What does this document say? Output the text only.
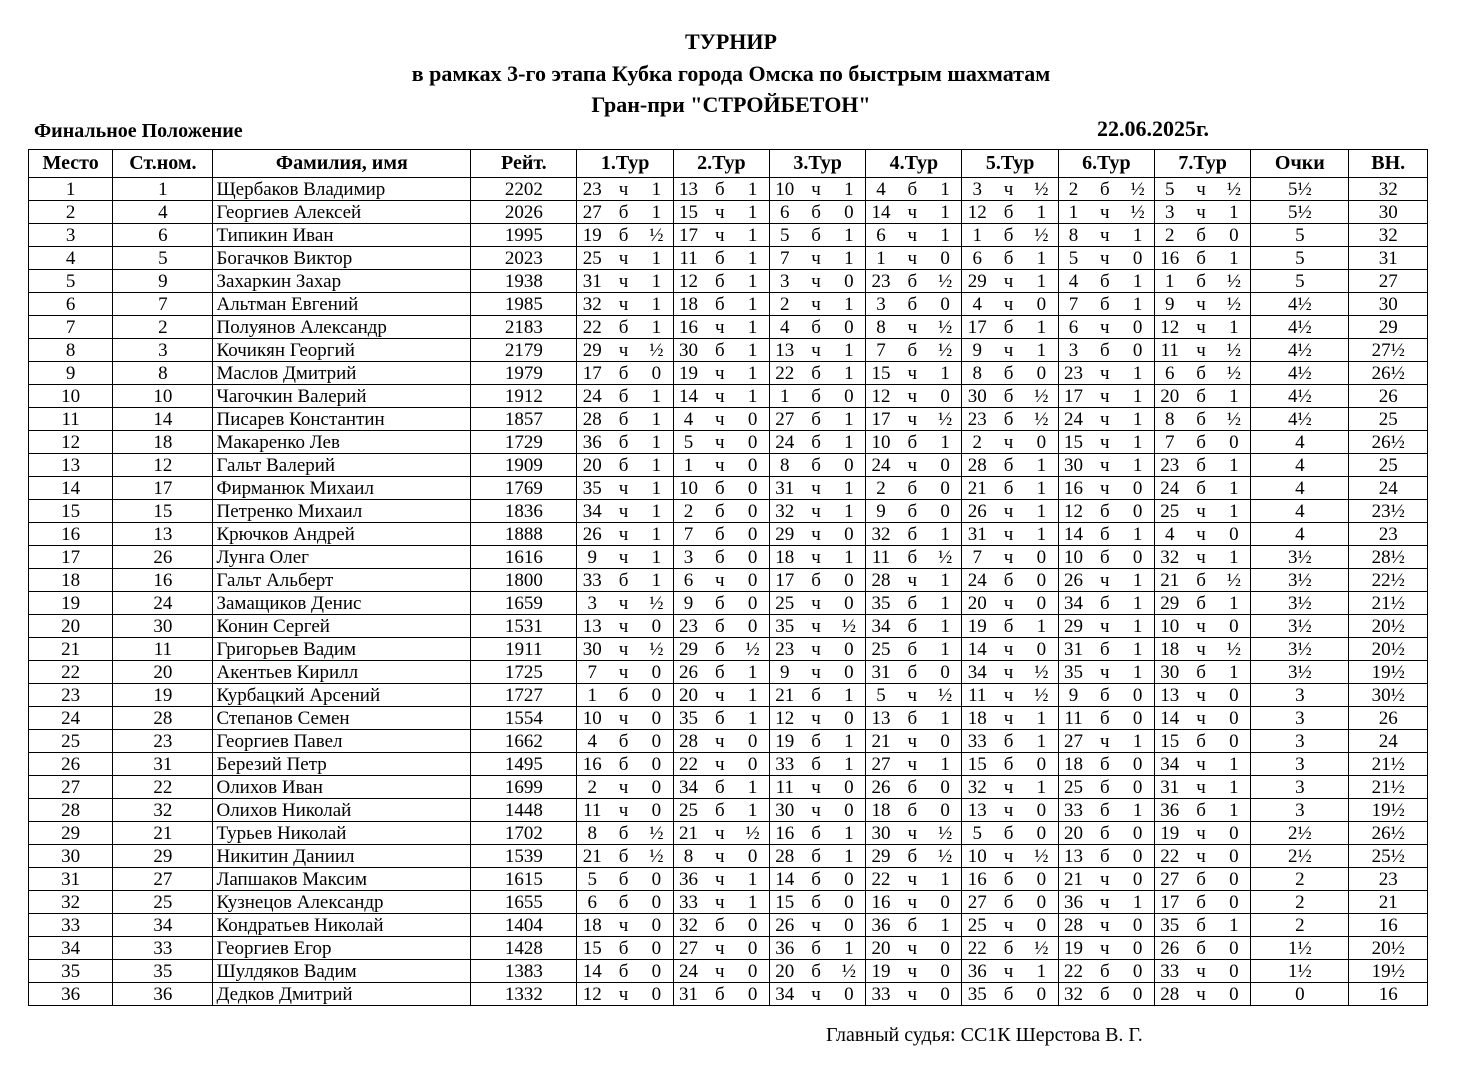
ТУРНИР
в рамках 3-го этапа Кубка города Омска по быстрым шахматам
Гран-при "СТРОЙБЕТОН"
Финальное Положение	22.06.2025г.
Место	Ст.ном.	Фамилия, имя	Рейт.	1.Тур			2.Тур			3.Тур			4.Тур			5.Тур			6.Тур			7.Тур			Очки	ВН.
1	1	Щербаков Владимир	2202	23	ч	1	13	б	1	10	ч	1	4	б	1	3	ч	½	2	б	½	5	ч	½	5½	32
2	4	Георгиев Алексей	2026	27	б	1	15	ч	1	6	б	0	14	ч	1	12	б	1	1	ч	½	3	ч	1	5½	30
3	6	Типикин Иван	1995	19	б	½	17	ч	1	5	б	1	6	ч	1	1	б	½	8	ч	1	2	б	0	5	32
4	5	Богачков Виктор	2023	25	ч	1	11	б	1	7	ч	1	1	ч	0	6	б	1	5	ч	0	16	б	1	5	31
5	9	Захаркин Захар	1938	31	ч	1	12	б	1	3	ч	0	23	б	½	29	ч	1	4	б	1	1	б	½	5	27
6	7	Альтман Евгений	1985	32	ч	1	18	б	1	2	ч	1	3	б	0	4	ч	0	7	б	1	9	ч	½	4½	30
7	2	Полуянов Александр	2183	22	б	1	16	ч	1	4	б	0	8	ч	½	17	б	1	6	ч	0	12	ч	1	4½	29
8	3	Кочикян Георгий	2179	29	ч	½	30	б	1	13	ч	1	7	б	½	9	ч	1	3	б	0	11	ч	½	4½	27½
9	8	Маслов Дмитрий	1979	17	б	0	19	ч	1	22	б	1	15	ч	1	8	б	0	23	ч	1	6	б	½	4½	26½
10	10	Чагочкин Валерий	1912	24	б	1	14	ч	1	1	б	0	12	ч	0	30	б	½	17	ч	1	20	б	1	4½	26
11	14	Писарев Константин	1857	28	б	1	4	ч	0	27	б	1	17	ч	½	23	б	½	24	ч	1	8	б	½	4½	25
12	18	Макаренко Лев	1729	36	б	1	5	ч	0	24	б	1	10	б	1	2	ч	0	15	ч	1	7	б	0	4	26½
13	12	Гальт Валерий	1909	20	б	1	1	ч	0	8	б	0	24	ч	0	28	б	1	30	ч	1	23	б	1	4	25
14	17	Фирманюк Михаил	1769	35	ч	1	10	б	0	31	ч	1	2	б	0	21	б	1	16	ч	0	24	б	1	4	24
15	15	Петренко Михаил	1836	34	ч	1	2	б	0	32	ч	1	9	б	0	26	ч	1	12	б	0	25	ч	1	4	23½
16	13	Крючков Андрей	1888	26	ч	1	7	б	0	29	ч	0	32	б	1	31	ч	1	14	б	1	4	ч	0	4	23
17	26	Лунга Олег	1616	9	ч	1	3	б	0	18	ч	1	11	б	½	7	ч	0	10	б	0	32	ч	1	3½	28½
18	16	Гальт Альберт	1800	33	б	1	6	ч	0	17	б	0	28	ч	1	24	б	0	26	ч	1	21	б	½	3½	22½
19	24	Замащиков Денис	1659	3	ч	½	9	б	0	25	ч	0	35	б	1	20	ч	0	34	б	1	29	б	1	3½	21½
20	30	Конин Сергей	1531	13	ч	0	23	б	0	35	ч	½	34	б	1	19	б	1	29	ч	1	10	ч	0	3½	20½
21	11	Григорьев Вадим	1911	30	ч	½	29	б	½	23	ч	0	25	б	1	14	ч	0	31	б	1	18	ч	½	3½	20½
22	20	Акентьев Кирилл	1725	7	ч	0	26	б	1	9	ч	0	31	б	0	34	ч	½	35	ч	1	30	б	1	3½	19½
23	19	Курбацкий Арсений	1727	1	б	0	20	ч	1	21	б	1	5	ч	½	11	ч	½	9	б	0	13	ч	0	3	30½
24	28	Степанов Семен	1554	10	ч	0	35	б	1	12	ч	0	13	б	1	18	ч	1	11	б	0	14	ч	0	3	26
25	23	Георгиев Павел	1662	4	б	0	28	ч	0	19	б	1	21	ч	0	33	б	1	27	ч	1	15	б	0	3	24
26	31	Березий Петр	1495	16	б	0	22	ч	0	33	б	1	27	ч	1	15	б	0	18	б	0	34	ч	1	3	21½
27	22	Олихов Иван	1699	2	ч	0	34	б	1	11	ч	0	26	б	0	32	ч	1	25	б	0	31	ч	1	3	21½
28	32	Олихов Николай	1448	11	ч	0	25	б	1	30	ч	0	18	б	0	13	ч	0	33	б	1	36	б	1	3	19½
29	21	Турьев Николай	1702	8	б	½	21	ч	½	16	б	1	30	ч	½	5	б	0	20	б	0	19	ч	0	2½	26½
30	29	Никитин Даниил	1539	21	б	½	8	ч	0	28	б	1	29	б	½	10	ч	½	13	б	0	22	ч	0	2½	25½
31	27	Лапшаков Максим	1615	5	б	0	36	ч	1	14	б	0	22	ч	1	16	б	0	21	ч	0	27	б	0	2	23
32	25	Кузнецов Александр	1655	6	б	0	33	ч	1	15	б	0	16	ч	0	27	б	0	36	ч	1	17	б	0	2	21
33	34	Кондратьев Николай	1404	18	ч	0	32	б	0	26	ч	0	36	б	1	25	ч	0	28	ч	0	35	б	1	2	16
34	33	Георгиев Егор	1428	15	б	0	27	ч	0	36	б	1	20	ч	0	22	б	½	19	ч	0	26	б	0	1½	20½
35	35	Шулдяков Вадим	1383	14	б	0	24	ч	0	20	б	½	19	ч	0	36	ч	1	22	б	0	33	ч	0	1½	19½
36	36	Дедков Дмитрий	1332	12	ч	0	31	б	0	34	ч	0	33	ч	0	35	б	0	32	б	0	28	ч	0	0	16
Главный судья: СС1К Шерстова В. Г.
